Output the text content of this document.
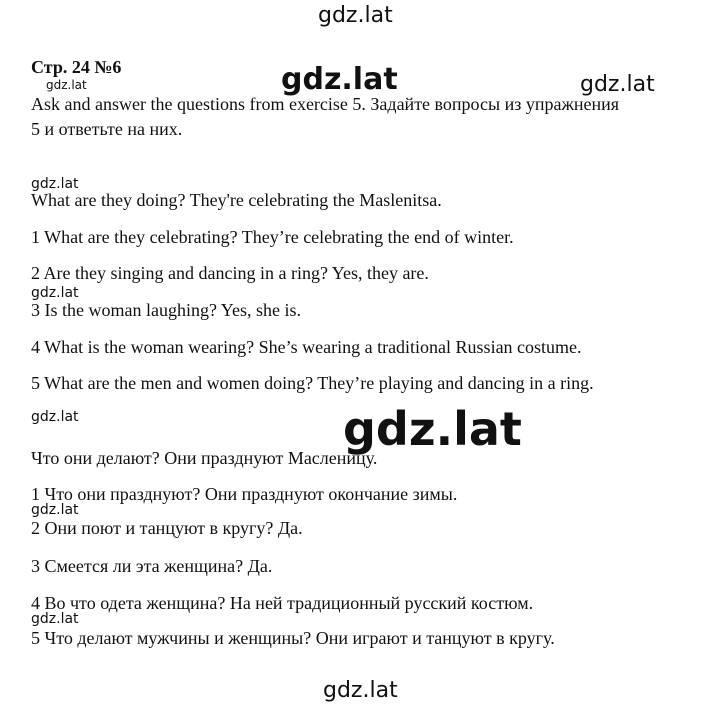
Стр. 24 №6
Ask and answer the questions from exercise 5. Задайте вопросы из упражнения
5 и ответьте на них.
What are they doing? They're celebrating the Maslenitsa.
1 What are they celebrating? They’re celebrating the end of winter.
2 Are they singing and dancing in a ring? Yes, they are.
3 Is the woman laughing? Yes, she is.
4 What is the woman wearing? She’s wearing a traditional Russian costume.
5 What are the men and women doing? They’re playing and dancing in a ring.
Что они делают? Они празднуют Масленицу.
1 Что они празднуют? Они празднуют окончание зимы.
2 Они поют и танцуют в кругу? Да.
3 Смеется ли эта женщина? Да.
4 Во что одета женщина? На ней традиционный русский костюм.
5 Что делают мужчины и женщины? Они играют и танцуют в кругу.
gdz.lat
gdz.lat	gdz.lat
gdz.lat
gdz.lat
gdz.lat
gdz.lat
gdz.lat
gdz.lat
gdz.lat
gdz.lat
